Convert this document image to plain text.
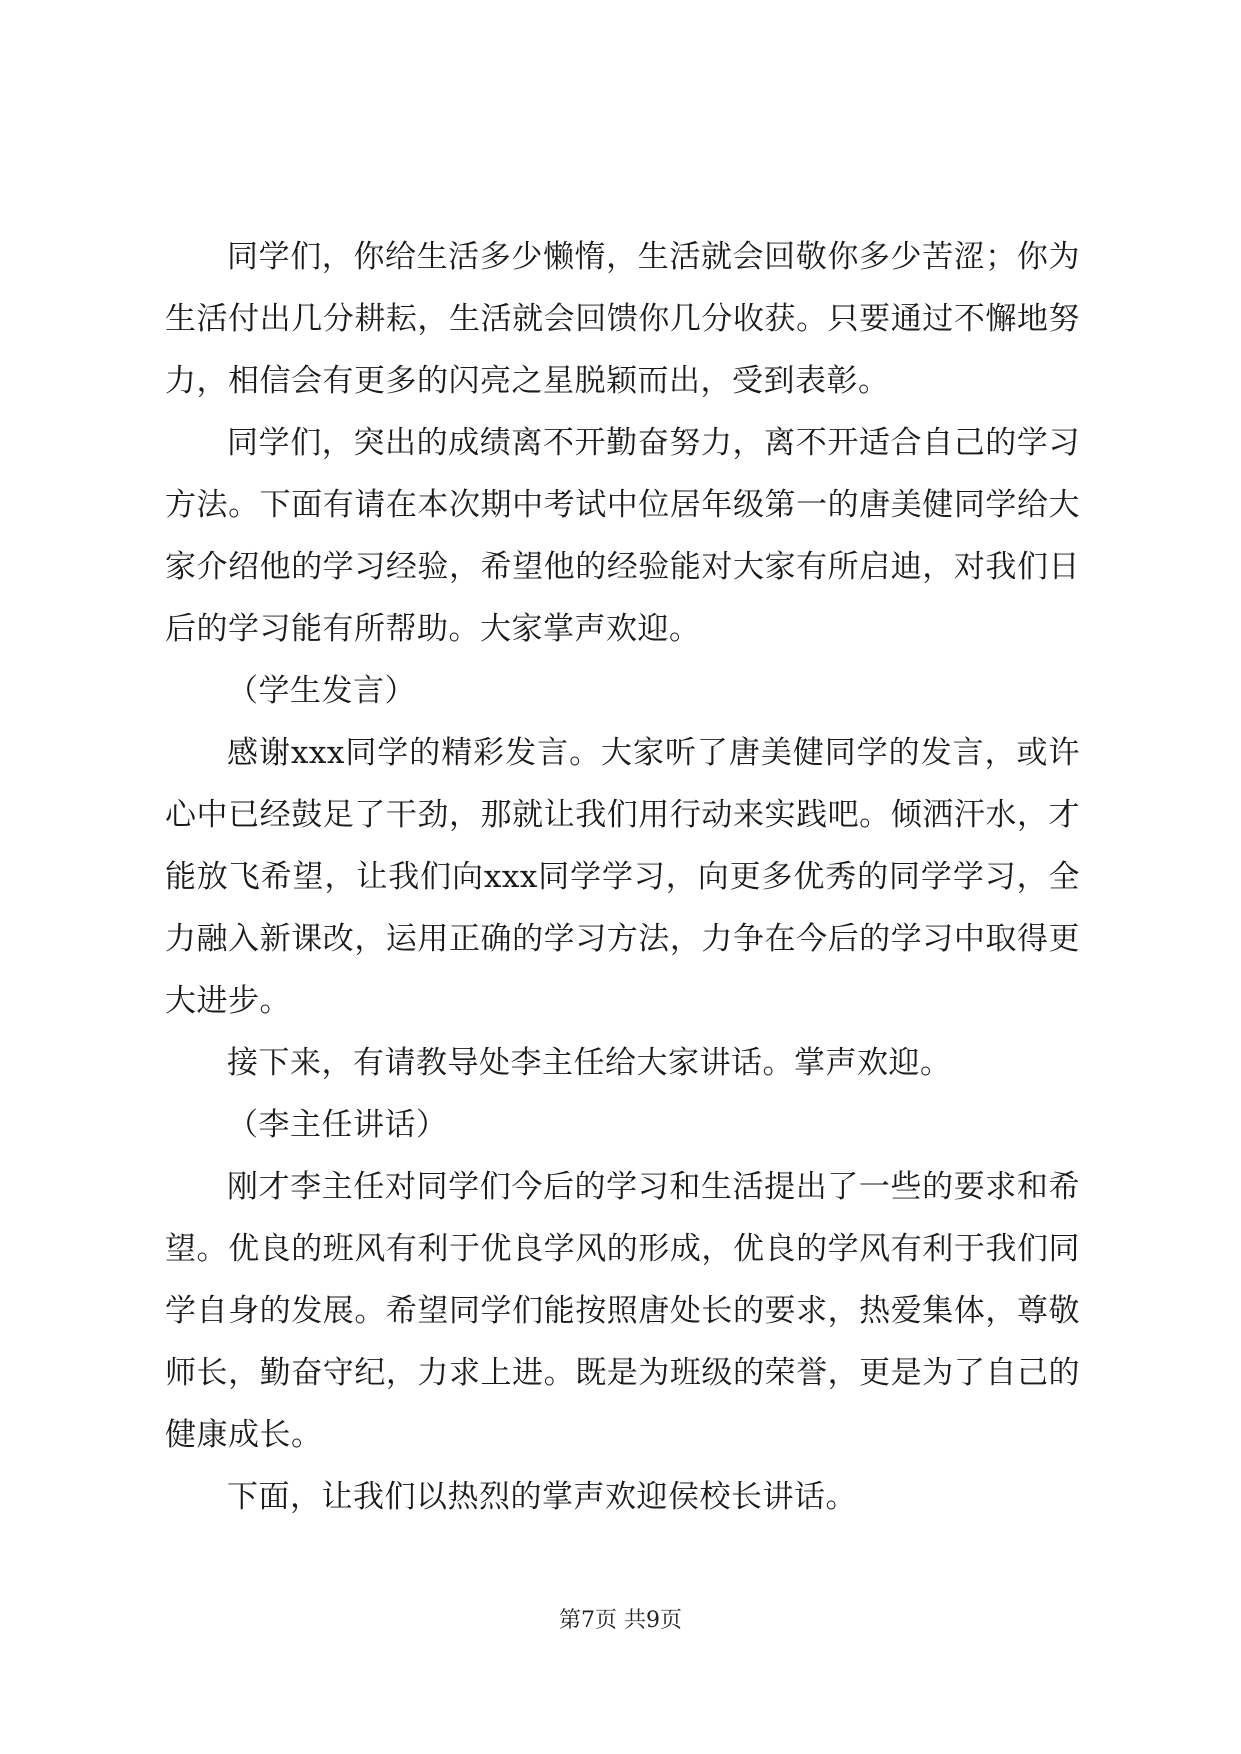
同学们，你给生活多少懒惰，生活就会回敬你多少苦涩；你为生活付出几分耕耘，生活就会回馈你几分收获。只要通过不懈地努力，相信会有更多的闪亮之星脱颖而出，受到表彰。

同学们，突出的成绩离不开勤奋努力，离不开适合自己的学习方法。下面有请在本次期中考试中位居年级第一的唐美健同学给大家介绍他的学习经验，希望他的经验能对大家有所启迪，对我们日后的学习能有所帮助。大家掌声欢迎。

（学生发言）

感谢xxx同学的精彩发言。大家听了唐美健同学的发言，或许心中已经鼓足了干劲，那就让我们用行动来实践吧。倾洒汗水，才能放飞希望，让我们向xxx同学学习，向更多优秀的同学学习，全力融入新课改，运用正确的学习方法，力争在今后的学习中取得更大进步。

接下来，有请教导处李主任给大家讲话。掌声欢迎。

（李主任讲话）

刚才李主任对同学们今后的学习和生活提出了一些的要求和希望。优良的班风有利于优良学风的形成，优良的学风有利于我们同学自身的发展。希望同学们能按照唐处长的要求，热爱集体，尊敬师长，勤奋守纪，力求上进。既是为班级的荣誉，更是为了自己的健康成长。

下面，让我们以热烈的掌声欢迎侯校长讲话。

第7页 共9页
